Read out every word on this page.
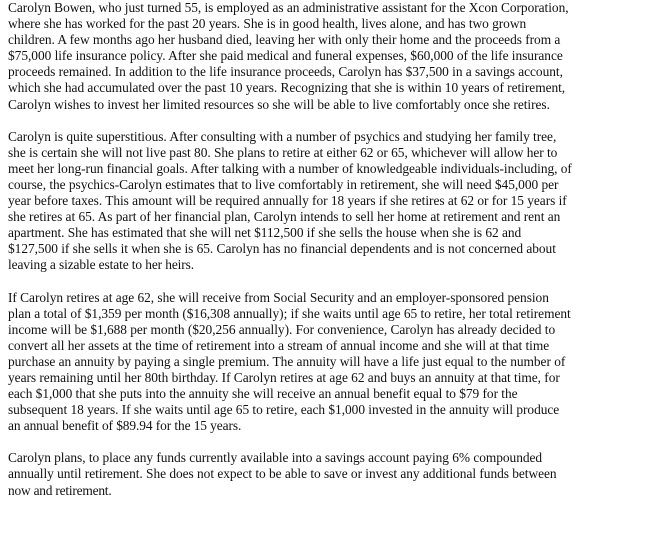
Carolyn Bowen, who just turned 55, is employed as an administrative assistant for the Xcon Corporation,
where she has worked for the past 20 years. She is in good health, lives alone, and has two grown
children. A few months ago her husband died, leaving her with only their home and the proceeds from a
$75,000 life insurance policy. After she paid medical and funeral expenses, $60,000 of the life insurance
proceeds remained. In addition to the life insurance proceeds, Carolyn has $37,500 in a savings account,
which she had accumulated over the past 10 years. Recognizing that she is within 10 years of retirement,
Carolyn wishes to invest her limited resources so she will be able to live comfortably once she retires.

Carolyn is quite superstitious. After consulting with a number of psychics and studying her family tree,
she is certain she will not live past 80. She plans to retire at either 62 or 65, whichever will allow her to
meet her long-run financial goals. After talking with a number of knowledgeable individuals-including, of
course, the psychics-Carolyn estimates that to live comfortably in retirement, she will need $45,000 per
year before taxes. This amount will be required annually for 18 years if she retires at 62 or for 15 years if
she retires at 65. As part of her financial plan, Carolyn intends to sell her home at retirement and rent an
apartment. She has estimated that she will net $112,500 if she sells the house when she is 62 and
$127,500 if she sells it when she is 65. Carolyn has no financial dependents and is not concerned about
leaving a sizable estate to her heirs.

If Carolyn retires at age 62, she will receive from Social Security and an employer-sponsored pension
plan a total of $1,359 per month ($16,308 annually); if she waits until age 65 to retire, her total retirement
income will be $1,688 per month ($20,256 annually). For convenience, Carolyn has already decided to
convert all her assets at the time of retirement into a stream of annual income and she will at that time
purchase an annuity by paying a single premium. The annuity will have a life just equal to the number of
years remaining until her 80th birthday. If Carolyn retires at age 62 and buys an annuity at that time, for
each $1,000 that she puts into the annuity she will receive an annual benefit equal to $79 for the
subsequent 18 years. If she waits until age 65 to retire, each $1,000 invested in the annuity will produce
an annual benefit of $89.94 for the 15 years.

Carolyn plans, to place any funds currently available into a savings account paying 6% compounded
annually until retirement. She does not expect to be able to save or invest any additional funds between
now and retirement.
